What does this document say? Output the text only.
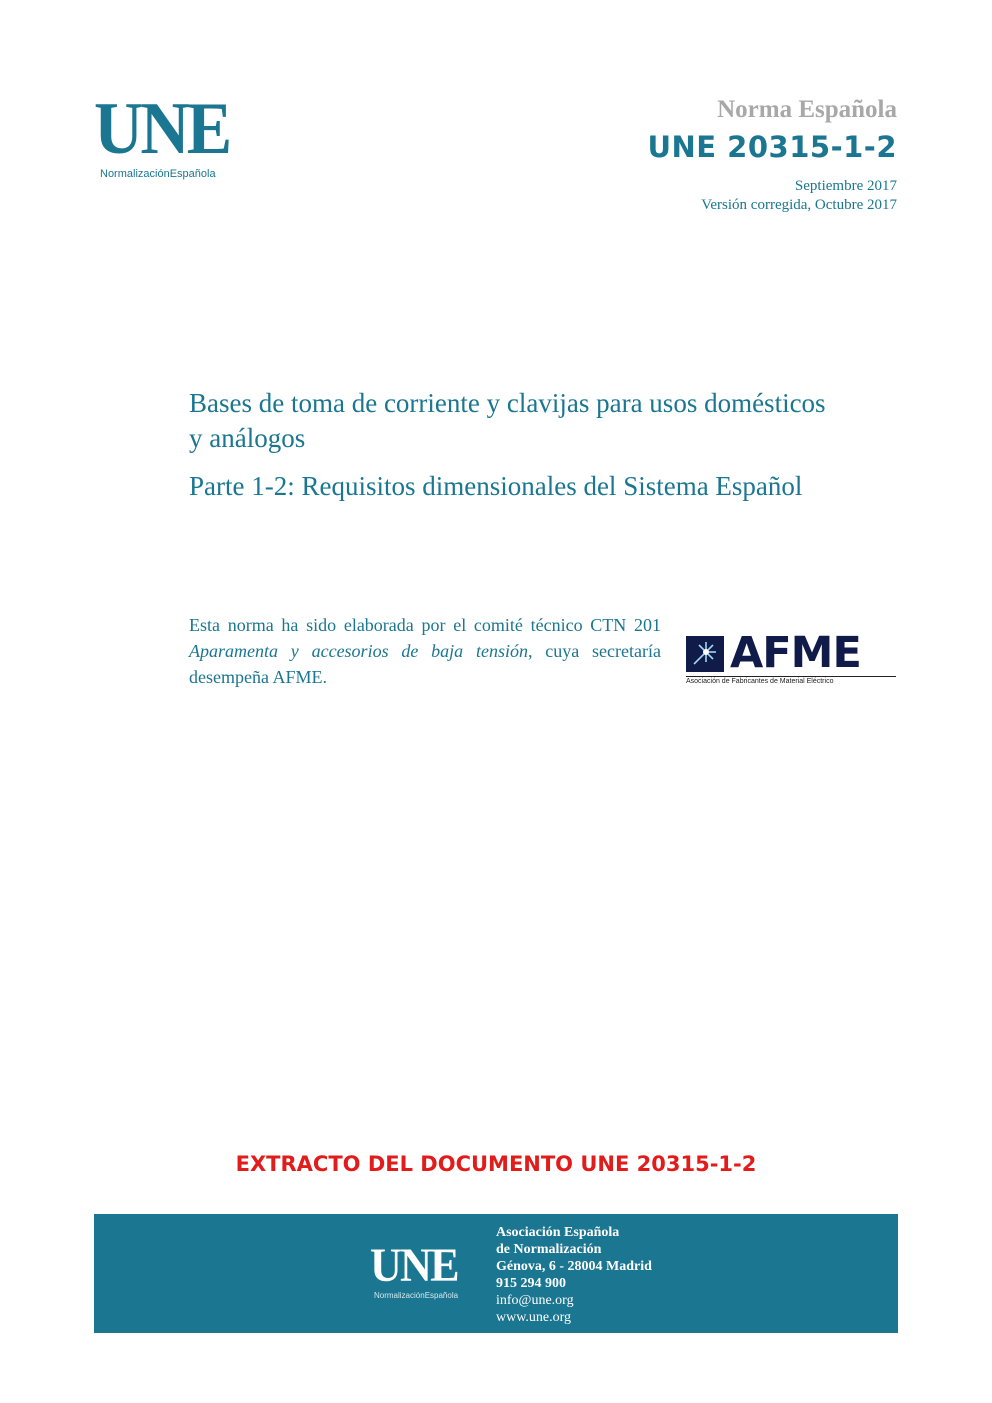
UNE
NormalizaciónEspañola
Norma Española
UNE 20315-1-2
Septiembre 2017
Versión corregida, Octubre 2017
Bases de toma de corriente y clavijas para usos domésticos y análogos
Parte 1-2: Requisitos dimensionales del Sistema Español
Esta norma ha sido elaborada por el comité técnico CTN 201 Aparamenta y accesorios de baja tensión, cuya secretaría desempeña AFME.	AFME
Asociación de Fabricantes de Material Eléctrico
EXTRACTO DEL DOCUMENTO UNE 20315-1-2
UNE
NormalizaciónEspañola
Asociación Española
de Normalización
Génova, 6 - 28004 Madrid
915 294 900
info@une.org
www.une.org
